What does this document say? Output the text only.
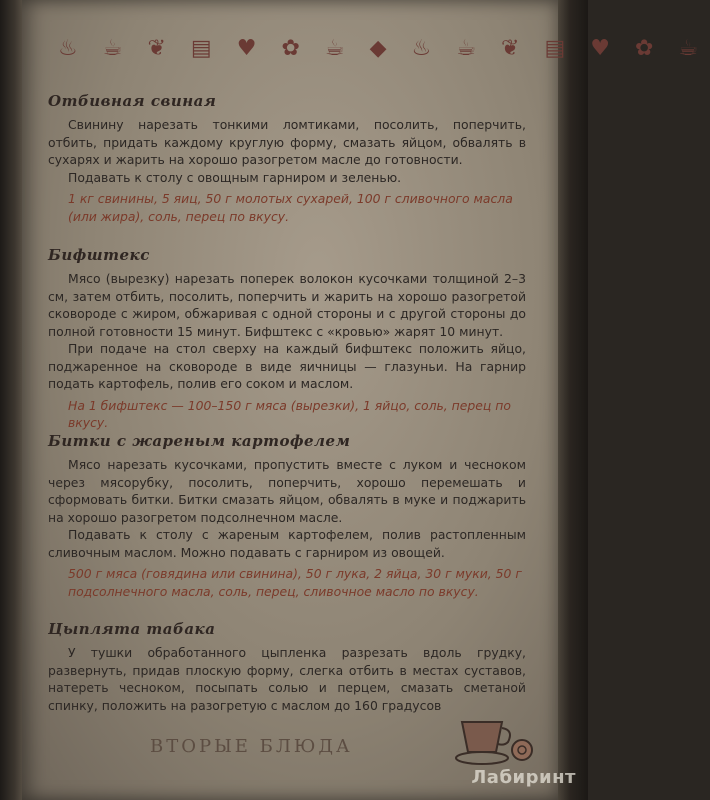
♨ ☕ ❦ ▤ ♥ ✿ ☕ ◆ ♨ ☕ ❦ ▤ ♥ ✿ ☕
Отбивная свиная

Свинину нарезать тонкими ломтиками, посолить, поперчить, отбить, придать каждому круглую форму, смазать яйцом, обвалять в сухарях и жарить на хорошо разогретом масле до готовности.

Подавать к столу с овощным гарниром и зеленью.

1 кг свинины, 5 яиц, 50 г молотых сухарей, 100 г сливочного масла (или жира), соль, перец по вкусу.

Бифштекс

Мясо (вырезку) нарезать поперек волокон кусочками толщиной 2–3 см, затем отбить, посолить, поперчить и жарить на хорошо разогретой сковороде с жиром, обжаривая с одной стороны и с другой стороны до полной готовности 15 минут. Бифштекс с «кровью» жарят 10 минут.

При подаче на стол сверху на каждый бифштекс положить яйцо, поджаренное на сковороде в виде яичницы — глазуньи. На гарнир подать картофель, полив его соком и маслом.

На 1 бифштекс — 100–150 г мяса (вырезки), 1 яйцо, соль, перец по вкусу.

Битки с жареным картофелем

Мясо нарезать кусочками, пропустить вместе с луком и чесноком через мясорубку, посолить, поперчить, хорошо перемешать и сформовать битки. Битки смазать яйцом, обвалять в муке и поджарить на хорошо разогретом подсолнечном масле.

Подавать к столу с жареным картофелем, полив растопленным сливочным маслом. Можно подавать с гарниром из овощей.

500 г мяса (говядина или свинина), 50 г лука, 2 яйца, 30 г муки, 50 г подсолнечного масла, соль, перец, сливочное масло по вкусу.

Цыплята табака

У тушки обработанного цыпленка разрезать вдоль грудку, развернуть, придав плоскую форму, слегка отбить в местах суставов, натереть чесноком, посыпать солью и перцем, смазать сметаной спинку, положить на разогретую с маслом до 160 градусов

ВТОРЫЕ БЛЮДА
Лабиринт
